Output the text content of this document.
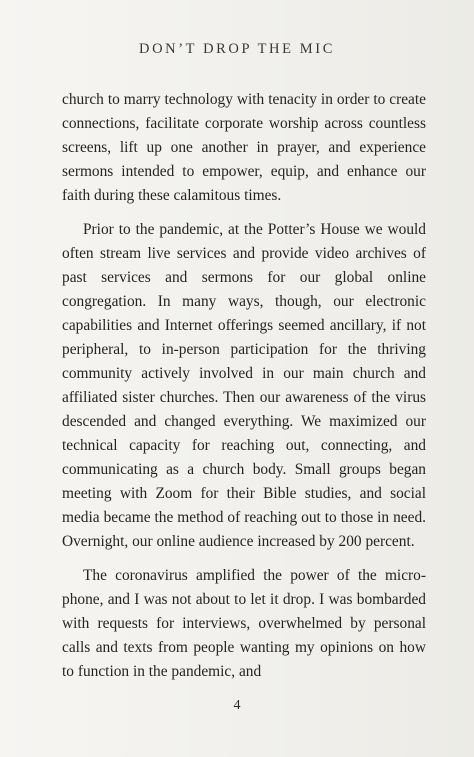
DON’T DROP THE MIC

church to marry technology with tenacity in order to create connections, facilitate corporate worship across countless screens, lift up one another in prayer, and experience sermons intended to empower, equip, and enhance our faith during these calamitous times.

Prior to the pandemic, at the Potter’s House we would often stream live services and provide video archives of past services and sermons for our global online congregation. In many ways, though, our electronic capabilities and Internet offerings seemed ancillary, if not peripheral, to in-person participation for the thriving community actively involved in our main church and affiliated sister churches. Then our awareness of the virus descended and changed everything. We maximized our technical capacity for reaching out, connecting, and communicating as a church body. Small groups began meeting with Zoom for their Bible studies, and social media became the method of reaching out to those in need. Overnight, our online audience increased by 200 percent.

The coronavirus amplified the power of the microphone, and I was not about to let it drop. I was bombarded with requests for interviews, overwhelmed by personal calls and texts from people wanting my opinions on how to function in the pandemic, and

4
